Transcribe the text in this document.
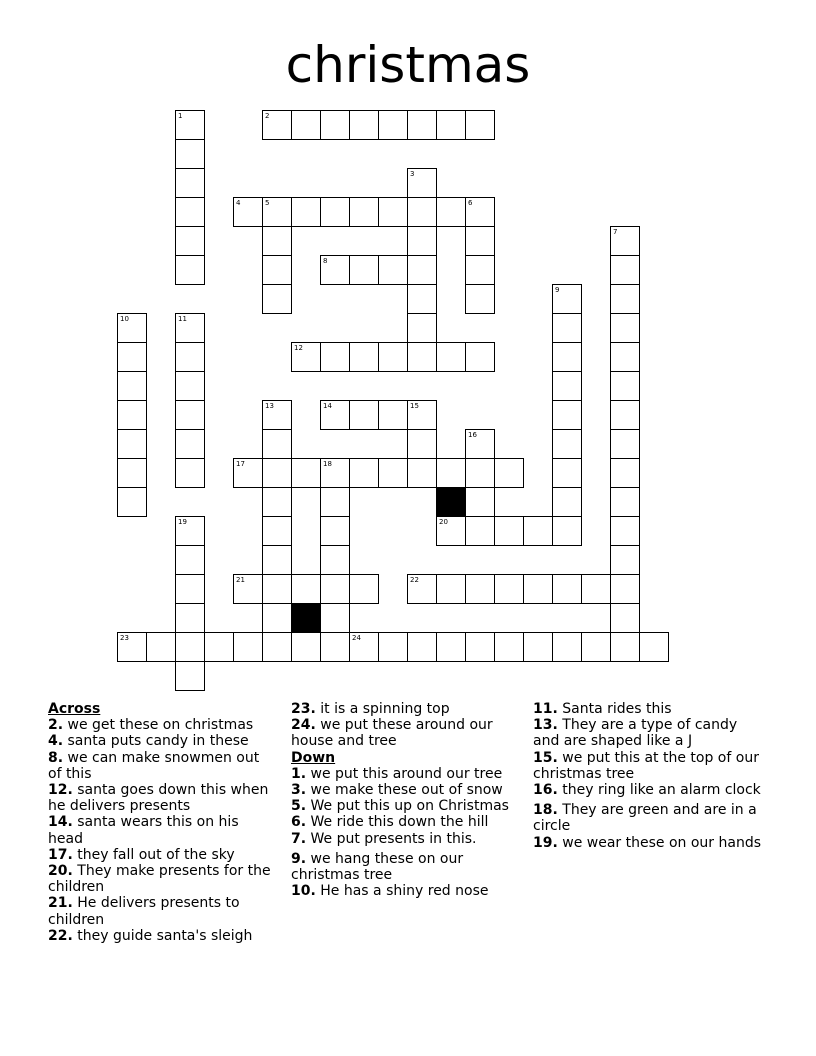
christmas
1	2
3
4	5	6
7
8
9
10	11
12
13	14	15
16
17	18
19	20
21	22
23	24
Across
2. we get these on christmas
4. santa puts candy in these
8. we can make snowmen out of this
12. santa goes down this when he delivers presents
14. santa wears this on his head
17. they fall out of the sky
20. They make presents for the children
21. He delivers presents to children
22. they guide santa's sleigh
23. it is a spinning top
24. we put these around our house and tree
Down
1. we put this around our tree
3. we make these out of snow
5. We put this up on Christmas
6. We ride this down the hill
7. We put presents in this.
9. we hang these on our christmas tree
10. He has a shiny red nose
11. Santa rides this
13. They are a type of candy and are shaped like a J
15. we put this at the top of our christmas tree
16. they ring like an alarm clock
18. They are green and are in a circle
19. we wear these on our hands
